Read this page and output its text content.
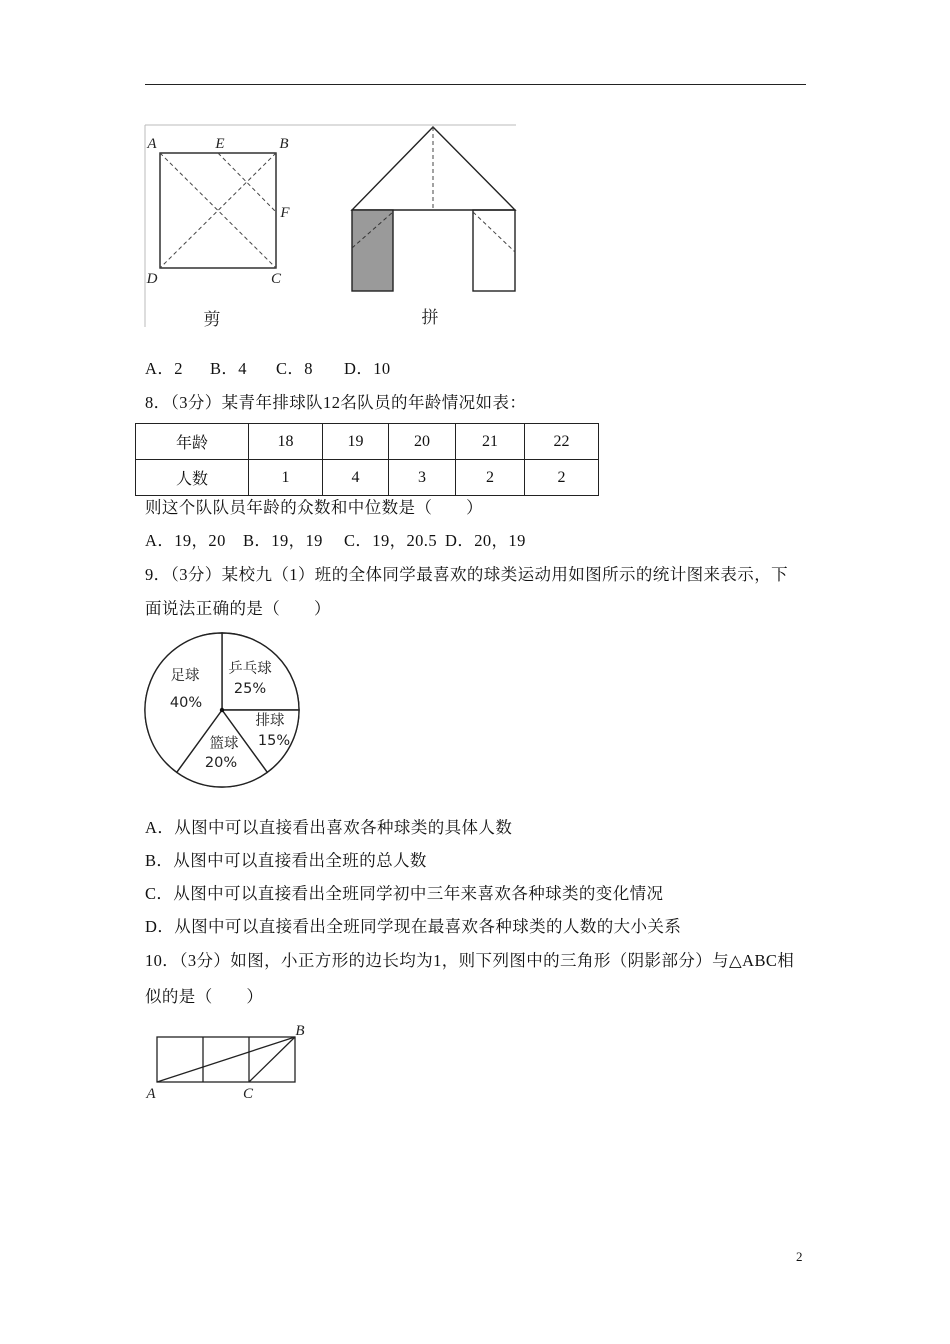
A	E	B
F
D	C
剪	拼
A．2 B．4 C．8 D．10
8．（3分）某青年排球队12名队员的年龄情况如表：
年龄	18	19	20	21	22
人数	1	4	3	2	2
则这个队队员年龄的众数和中位数是（　　）
A．19，20 B．19，19 C．19，20.5 D．20，19
9．（3分）某校九（1）班的全体同学最喜欢的球类运动用如图所示的统计图来表示，下
面说法正确的是（　　）
乒乓球
25%
排球
15%
篮球
20%
足球
40%
A．从图中可以直接看出喜欢各种球类的具体人数
B．从图中可以直接看出全班的总人数
C．从图中可以直接看出全班同学初中三年来喜欢各种球类的变化情况
D．从图中可以直接看出全班同学现在最喜欢各种球类的人数的大小关系
10．（3分）如图，小正方形的边长均为1，则下列图中的三角形（阴影部分）与△ABC相
似的是（　　）
A	C
B
2
